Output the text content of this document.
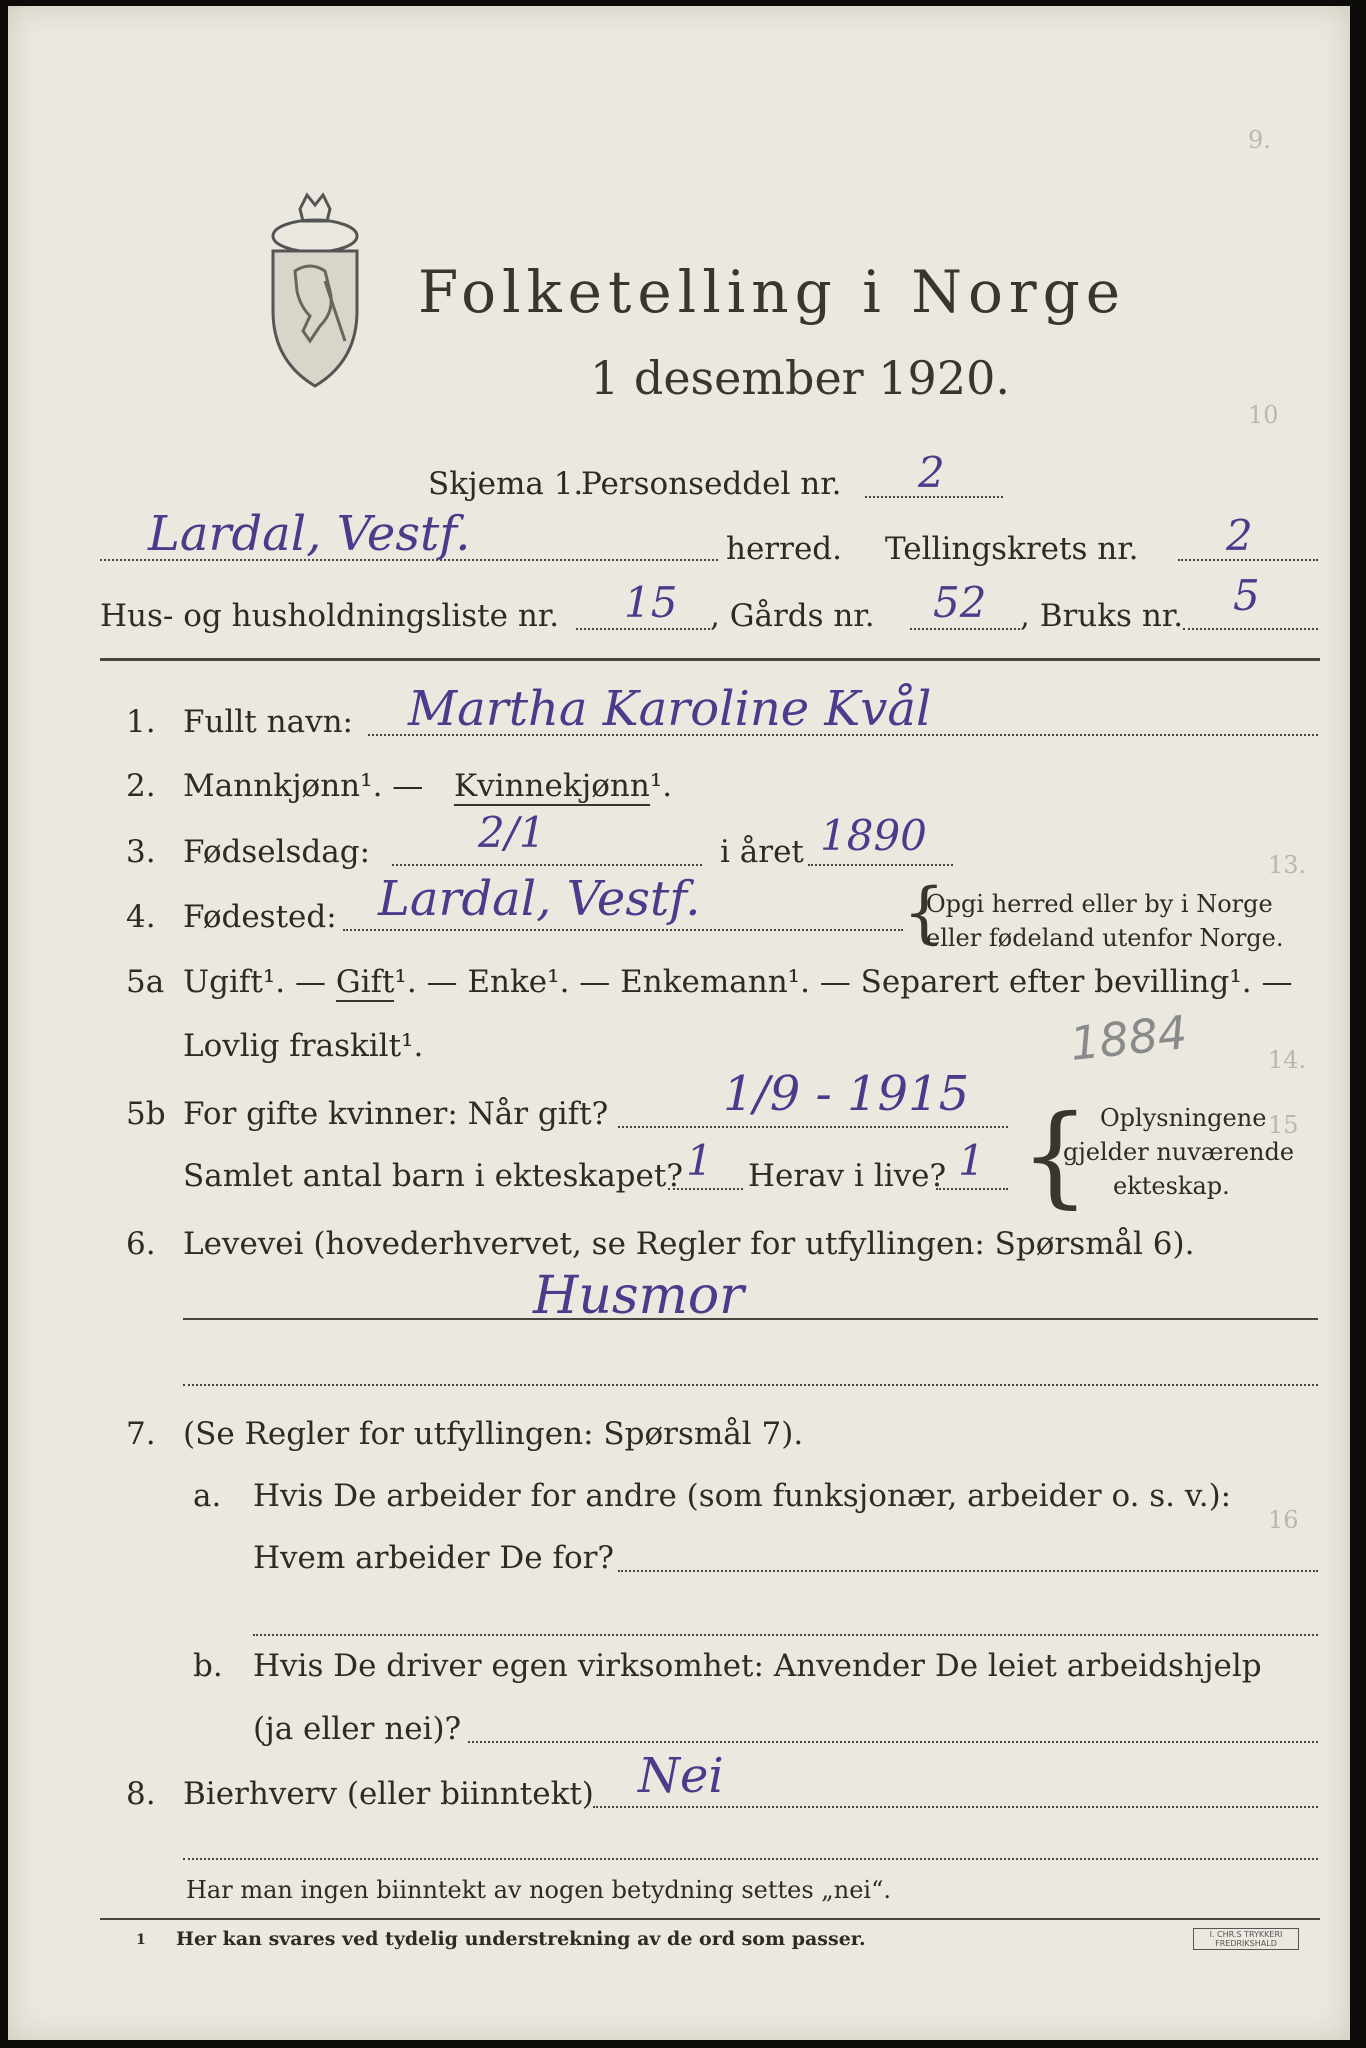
Folketelling i Norge
1 desember 1920.
Skjema 1.
Personseddel nr. 2
Lardal, Vestf.	herred. Tellingskrets nr. 2
Hus- og husholdningsliste nr. 15 , Gårds nr. 52 , Bruks nr. 5
1. Fullt navn: Martha Karoline Kvål
2. Mannkjønn¹. — Kvinnekjønn¹.
3. Fødselsdag:	2/1	i året 1890
4. Fødested: Lardal, Vestf.	{
Opgi herred eller by i Norge
eller fødeland utenfor Norge.
5a Ugift¹. — Gift¹. — Enke¹. — Enkemann¹. — Separert efter bevilling¹. —
Lovlig fraskilt¹.	1884
5b For gifte kvinner: Når gift? 1/9 - 1915
Samlet antal barn i ekteskapet? 1 Herav i live? 1 { Oplysningene
gjelder nuværende
ekteskap.
6. Levevei (hovederhvervet, se Regler for utfyllingen: Spørsmål 6).
Husmor
7. (Se Regler for utfyllingen: Spørsmål 7).
a. Hvis De arbeider for andre (som funksjonær, arbeider o. s. v.):
Hvem arbeider De for?
b. Hvis De driver egen virksomhet: Anvender De leiet arbeidshjelp
(ja eller nei)?
8. Bierhverv (eller biinntekt) Nei
Har man ingen biinntekt av nogen betydning settes „nei“.
1 Her kan svares ved tydelig understrekning av de ord som passer.	I. CHR.S TRYKKERI FREDRIKSHALD
9.
10
13.
14.
15
16
